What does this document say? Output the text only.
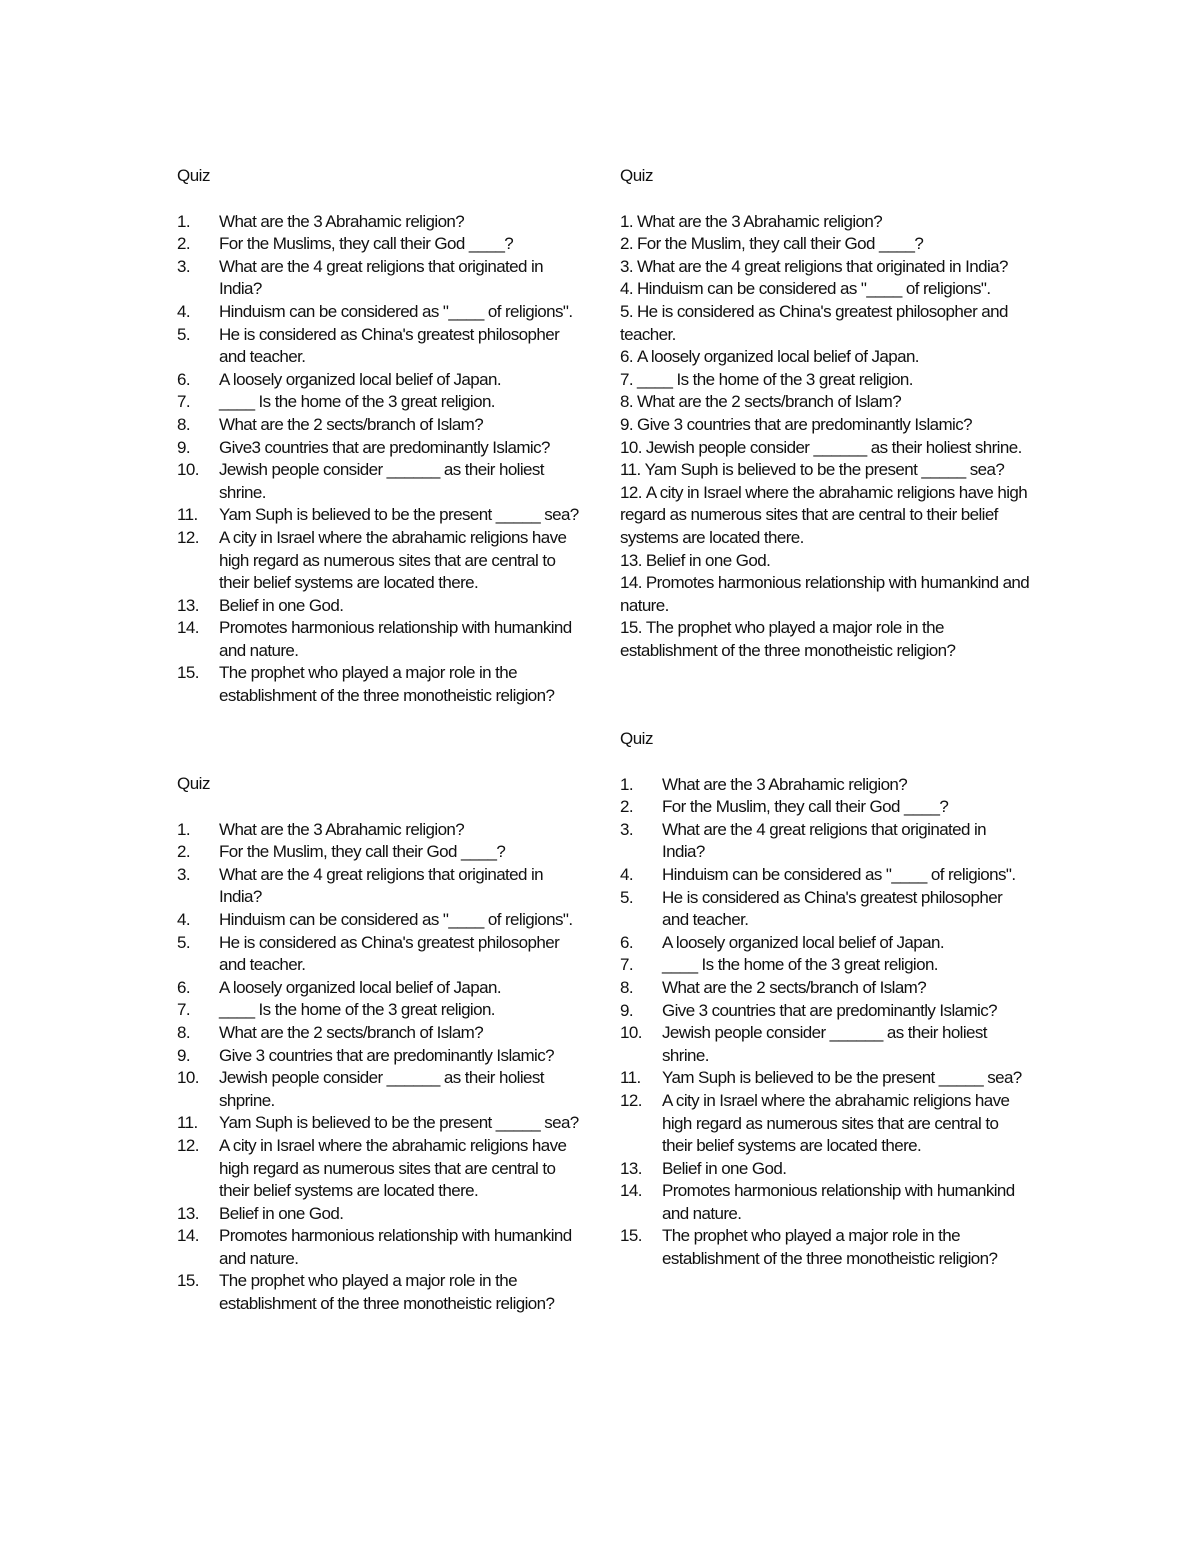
Quiz
1.	What are the 3 Abrahamic religion?
2.	For the Muslims, they call their God ____?
3.	What are the 4 great religions that originated in India?
4.	Hinduism can be considered as "____ of religions".
5.	He is considered as China's greatest philosopher and teacher.
6.	A loosely organized local belief of Japan.
7.	____ Is the home of the 3 great religion.
8.	What are the 2 sects/branch of Islam?
9.	Give3 countries that are predominantly Islamic?
10.	Jewish people consider ______ as their holiest shrine.
11.	Yam Suph is believed to be the present _____ sea?
12.	A city in Israel where the abrahamic religions have high regard as numerous sites that are central to their belief systems are located there.
13.	Belief in one God.
14.	Promotes harmonious relationship with humankind and nature.
15.	The prophet who played a major role in the establishment of the three monotheistic religion?
Quiz
1. What are the 3 Abrahamic religion?
2. For the Muslim, they call their God ____?
3. What are the 4 great religions that originated in India?
4. Hinduism can be considered as "____ of religions".
5. He is considered as China's greatest philosopher and teacher.
6. A loosely organized local belief of Japan.
7. ____ Is the home of the 3 great religion.
8. What are the 2 sects/branch of Islam?
9. Give 3 countries that are predominantly Islamic?
10. Jewish people consider ______ as their holiest shrine.
11. Yam Suph is believed to be the present _____ sea?
12. A city in Israel where the abrahamic religions have high regard as numerous sites that are central to their belief systems are located there.
13. Belief in one God.
14. Promotes harmonious relationship with humankind and nature.
15. The prophet who played a major role in the establishment of the three monotheistic religion?
Quiz
1.	What are the 3 Abrahamic religion?
2.	For the Muslim, they call their God ____?
3.	What are the 4 great religions that originated in India?
4.	Hinduism can be considered as "____ of religions".
5.	He is considered as China's greatest philosopher and teacher.
6.	A loosely organized local belief of Japan.
7.	____ Is the home of the 3 great religion.
8.	What are the 2 sects/branch of Islam?
9.	Give 3 countries that are predominantly Islamic?
10.	Jewish people consider ______ as their holiest shprine.
11.	Yam Suph is believed to be the present _____ sea?
12.	A city in Israel where the abrahamic religions have high regard as numerous sites that are central to their belief systems are located there.
13.	Belief in one God.
14.	Promotes harmonious relationship with humankind and nature.
15.	The prophet who played a major role in the establishment of the three monotheistic religion?
Quiz
1.	What are the 3 Abrahamic religion?
2.	For the Muslim, they call their God ____?
3.	What are the 4 great religions that originated in India?
4.	Hinduism can be considered as "____ of religions".
5.	He is considered as China's greatest philosopher and teacher.
6.	A loosely organized local belief of Japan.
7.	____ Is the home of the 3 great religion.
8.	What are the 2 sects/branch of Islam?
9.	Give 3 countries that are predominantly Islamic?
10.	Jewish people consider ______ as their holiest shrine.
11.	Yam Suph is believed to be the present _____ sea?
12.	A city in Israel where the abrahamic religions have high regard as numerous sites that are central to their belief systems are located there.
13.	Belief in one God.
14.	Promotes harmonious relationship with humankind and nature.
15.	The prophet who played a major role in the establishment of the three monotheistic religion?
